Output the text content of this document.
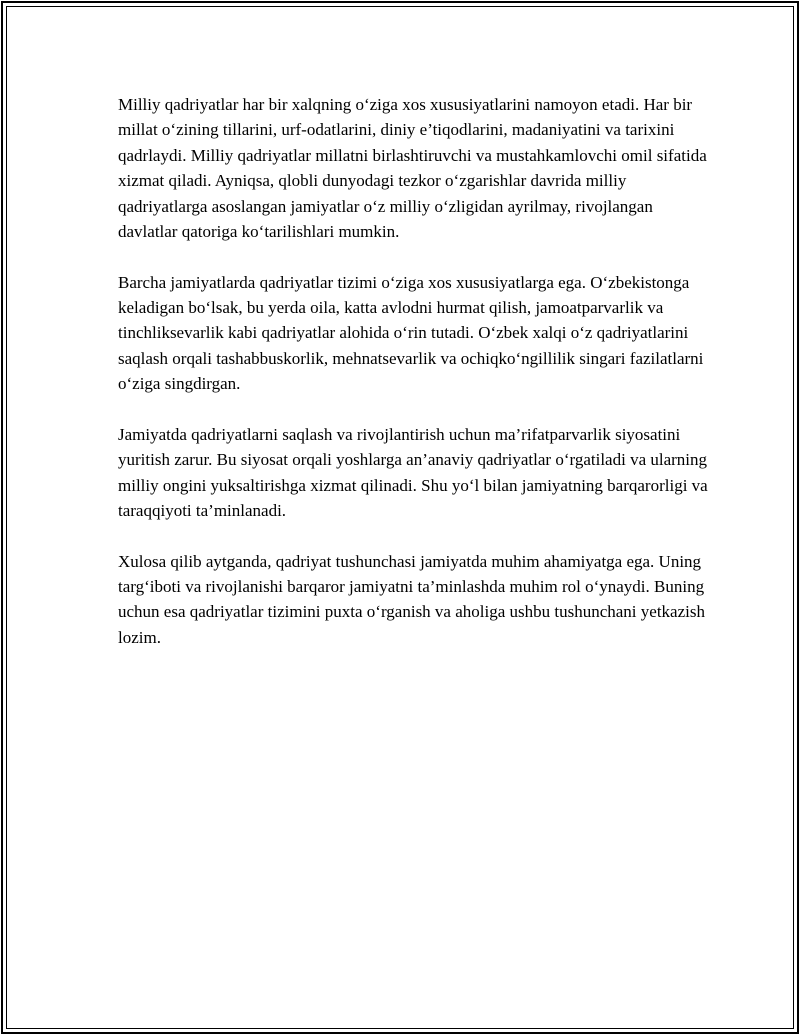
Milliy qadriyatlar har bir xalqning o‘ziga xos xususiyatlarini namoyon etadi. Har bir millat o‘zining tillarini, urf-odatlarini, diniy e’tiqodlarini, madaniyatini va tarixini qadrlaydi. Milliy qadriyatlar millatni birlashtiruvchi va mustahkamlovchi omil sifatida xizmat qiladi. Ayniqsa, qlobli dunyodagi tezkor o‘zgarishlar davrida milliy qadriyatlarga asoslangan jamiyatlar o‘z milliy o‘zligidan ayrilmay, rivojlangan davlatlar qatoriga ko‘tarilishlari mumkin.

Barcha jamiyatlarda qadriyatlar tizimi o‘ziga xos xususiyatlarga ega. O‘zbekistonga keladigan bo‘lsak, bu yerda oila, katta avlodni hurmat qilish, jamoatparvarlik va tinchliksevarlik kabi qadriyatlar alohida o‘rin tutadi. O‘zbek xalqi o‘z qadriyatlarini saqlash orqali tashabbuskorlik, mehnatsevarlik va ochiqko‘ngillilik singari fazilatlarni o‘ziga singdirgan.

Jamiyatda qadriyatlarni saqlash va rivojlantirish uchun ma’rifatparvarlik siyosatini yuritish zarur. Bu siyosat orqali yoshlarga an’anaviy qadriyatlar o‘rgatiladi va ularning milliy ongini yuksaltirishga xizmat qilinadi. Shu yo‘l bilan jamiyatning barqarorligi va taraqqiyoti ta’minlanadi.

Xulosa qilib aytganda, qadriyat tushunchasi jamiyatda muhim ahamiyatga ega. Uning targ‘iboti va rivojlanishi barqaror jamiyatni ta’minlashda muhim rol o‘ynaydi. Buning uchun esa qadriyatlar tizimini puxta o‘rganish va aholiga ushbu tushunchani yetkazish lozim.
